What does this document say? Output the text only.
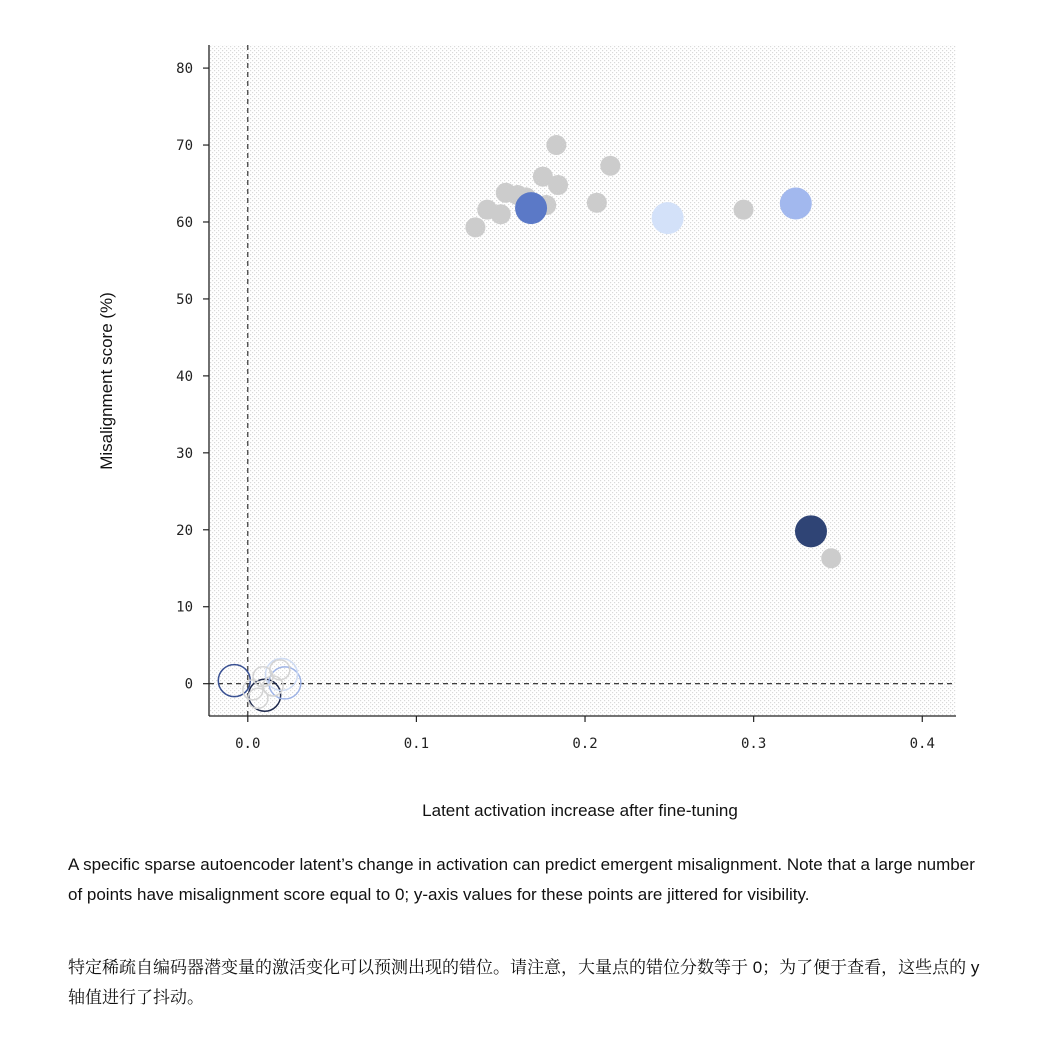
0
10
20
30
40
50
60
70
80
0.0	0.1	0.2	0.3	0.4
Latent activation increase after fine-tuning
Misalignment score (%)

A specific sparse autoencoder latent’s change in activation can predict emergent misalignment. Note that a large number of points have misalignment score equal to 0; y-axis values for these points are jittered for visibility.

特定稀疏自编码器潜变量的激活变化可以预测出现的错位。请注意，大量点的错位分数等于 0；为了便于查看，这些点的 y 轴值进行了抖动。
